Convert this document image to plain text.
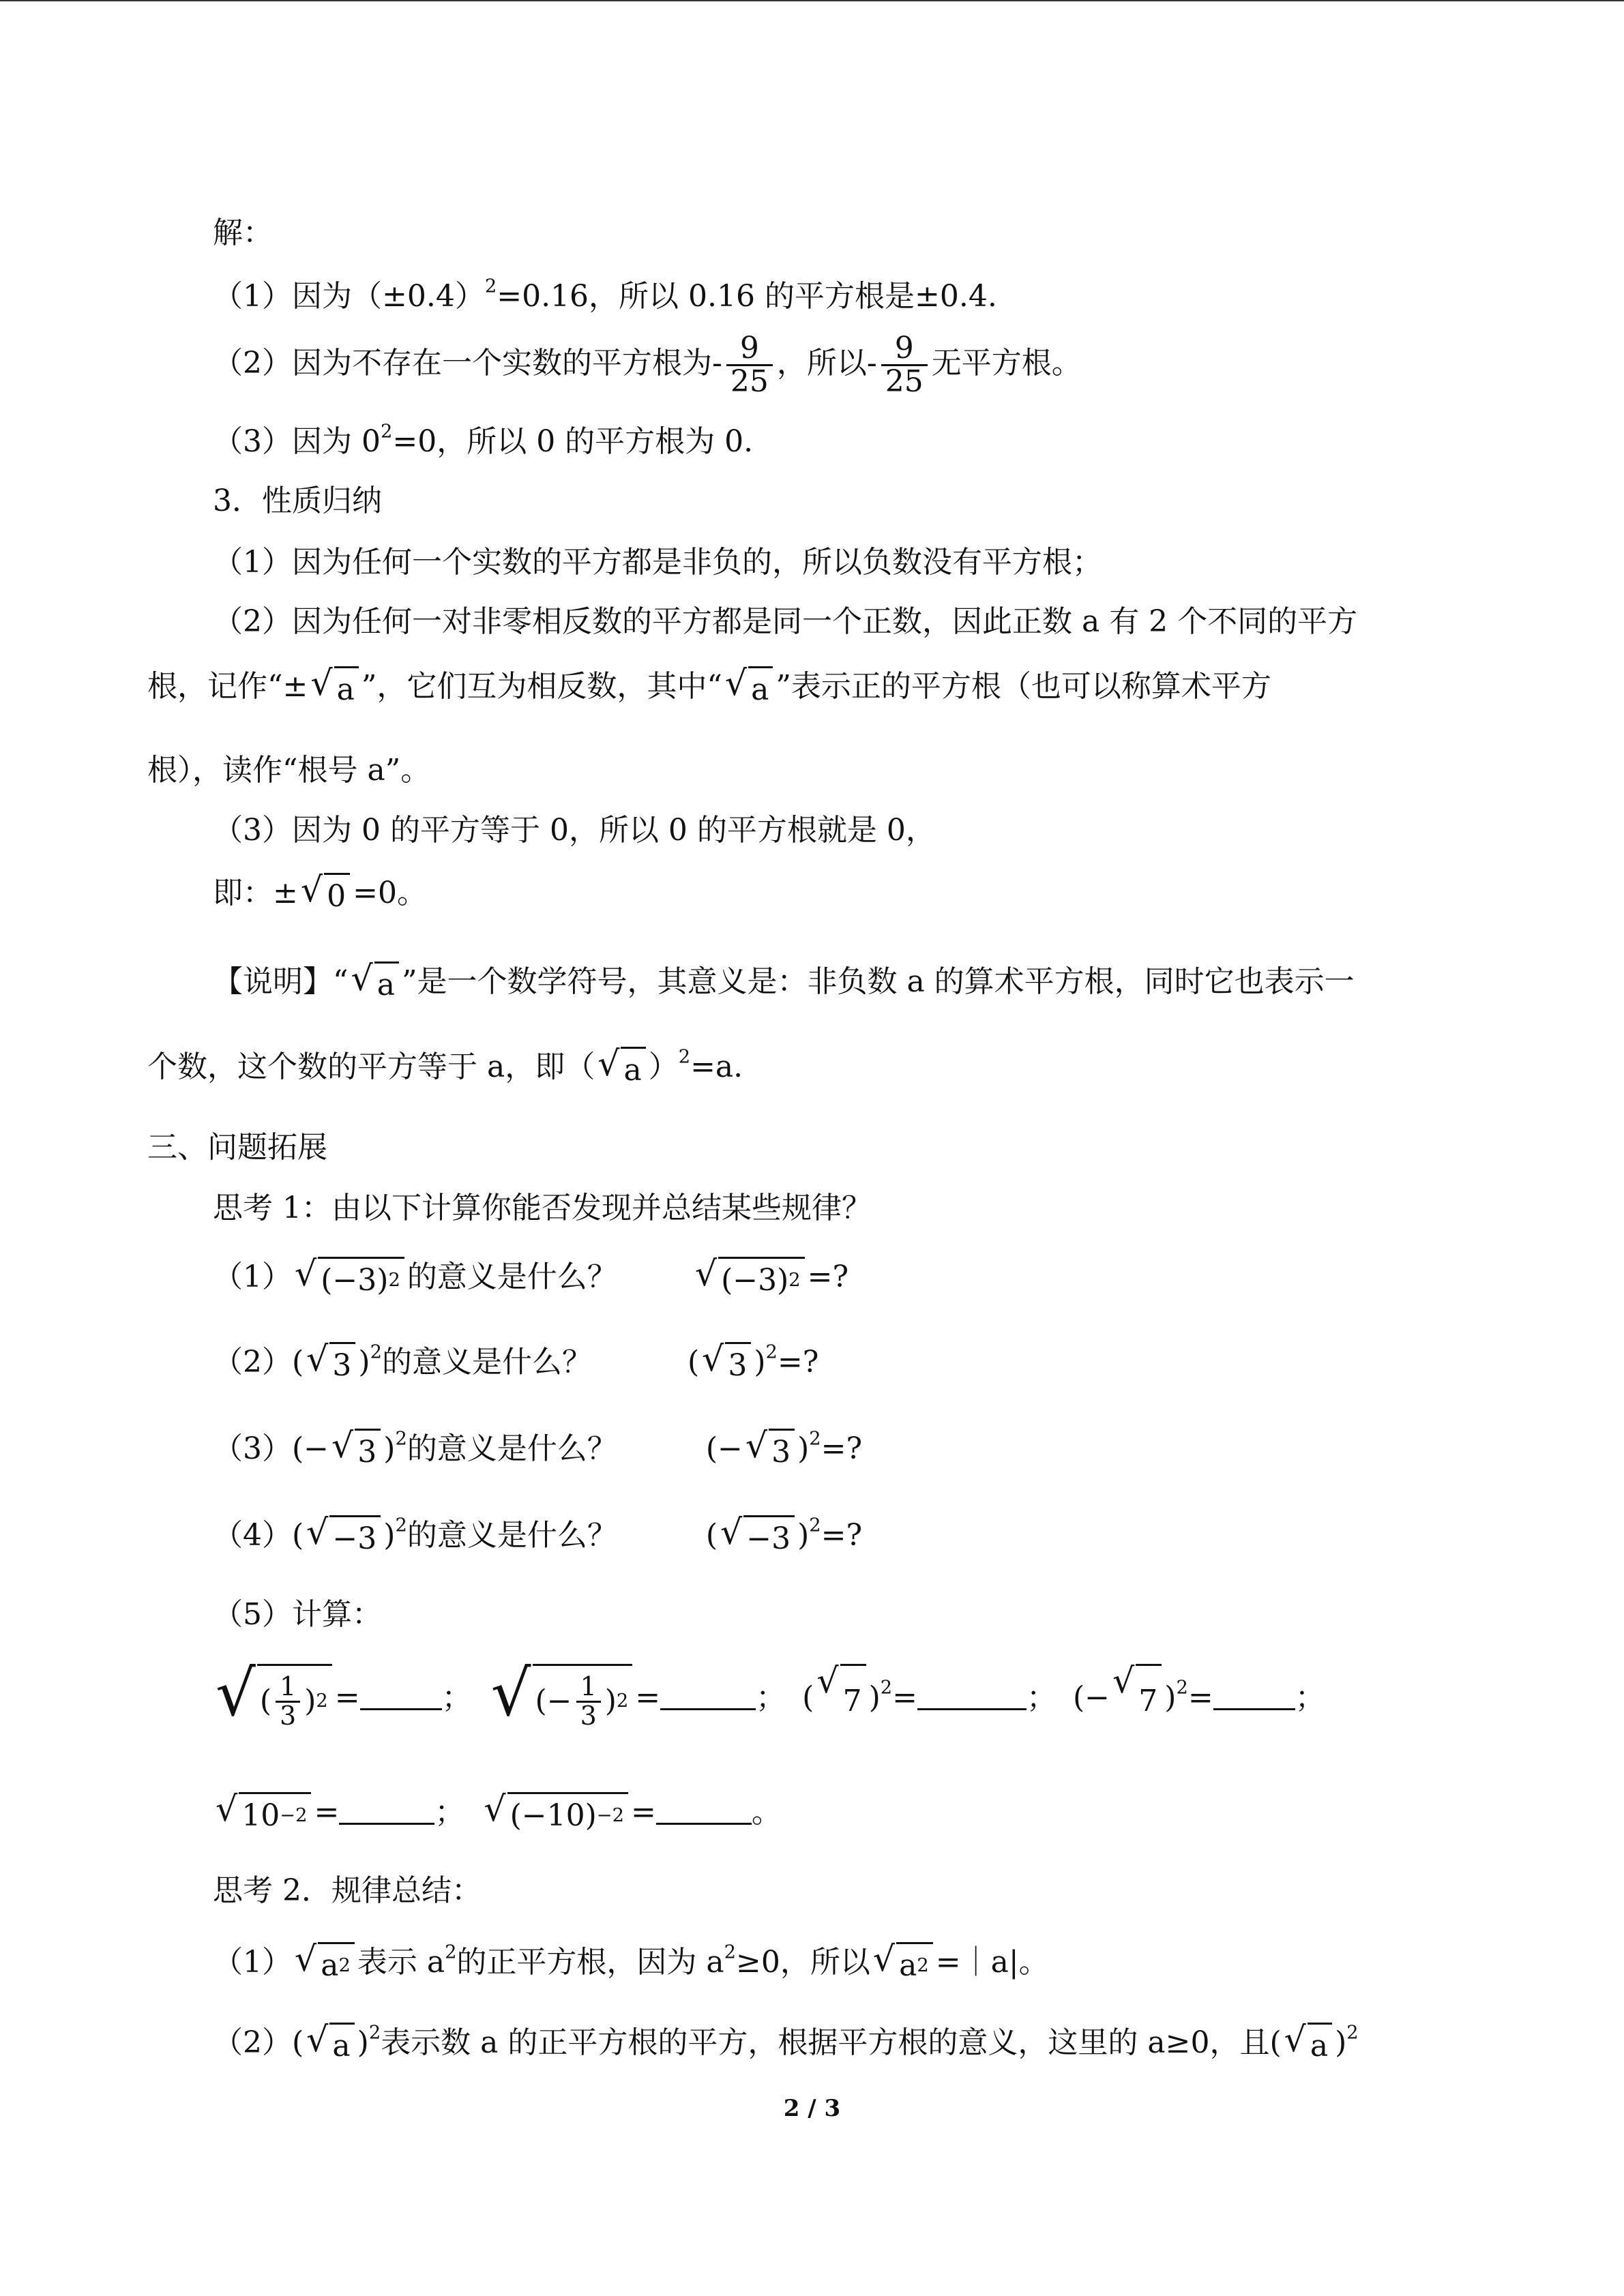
解：
（1）因为$(\pm 0.4)^2=0.16$，所以 0.16 的平方根是±0.4.
（2）因为不存在一个实数的平方根为- $\frac{9}{25}$ ，所以- $\frac{9}{25}$ 无平方根。
（3）因为 $0^2=0$，所以 0 的平方根为 0.
3．性质归纳
（1）因为任何一个实数的平方都是非负的，所以负数没有平方根；
（2）因为任何一对非零相反数的平方都是同一个正数，因此正数 a 有 2 个不同的平方
根，记作“± √ a ”，它们互为相反数，其中“ √ a ”表示正的平方根（也可以称算术平方
根），读作“根号 a”。
（3）因为 0 的平方等于 0，所以 0 的平方根就是 0，
即：± √ 0 =0。
【说明】“ √ a ”是一个数学符号，其意义是：非负数 a 的算术平方根，同时它也表示一
个数，这个数的平方等于 a，即（ √ a ）$^2$=a.
三、问题拓展
思考 1：由以下计算你能否发现并总结某些规律？
（1） √ (−3) 2 的意义是什么？ √ (−3) 2 =?
（2）( √ 3 )$^2$的意义是什么？	( √ 3 )$^2$=?
（3）(− √ 3 )$^2$的意义是什么？	(− √ 3 )$^2$=?
（4）( √ −3 )$^2$的意义是什么？	( √ −3 )$^2$=?
（5）计算：
√ ( $\frac{1}{3}$ ) 2 =	； √ (− $\frac{1}{3}$ ) 2 =	； ( √
7 )$^2$=	； (− √
7 )$^2$=	；
√ 10 −2 =	； √ (−10) −2 =	。
思考 2．规律总结：
（1） √ a 2 表示 $a^2$的正平方根，因为 $a^2\ge 0$，所以 √ a 2 =｜a|。
（2）( √ a )$^2$表示数 a 的正平方根的平方，根据平方根的意义，这里的 a≥0，且( √ a )$^2$
2 / 3
